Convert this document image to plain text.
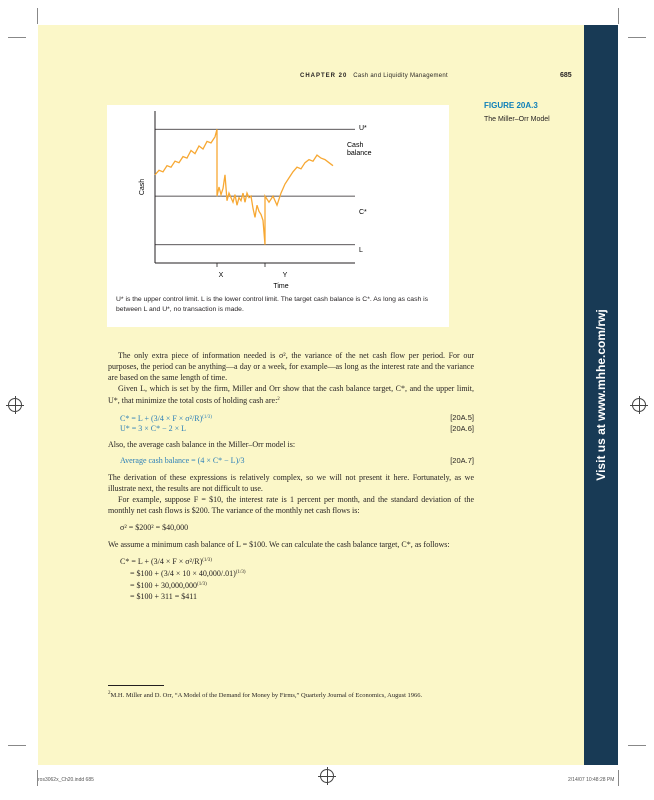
Visit us at www.mhhe.com/rwj
CHAPTER 20 Cash and Liquidity Management	685
FIGURE 20A.3
The Miller–Orr Model
Cash
Time
U*
Cash
balance
C*
L
X	Y
U* is the upper control limit. L is the lower control limit. The target cash balance is C*. As long as cash is between L and U*, no transaction is made.

The only extra piece of information needed is σ², the variance of the net cash flow per period. For our purposes, the period can be anything—a day or a week, for example—as long as the interest rate and the variance are based on the same length of time.

Given L, which is set by the firm, Miller and Orr show that the cash balance target, C*, and the upper limit, U*, that minimize the total costs of holding cash are:$^2$

$C* = L + (3/4 \times F \times \sigma^2/R)^{(1/3)}$	[20A.5]
U* = 3 × C* − 2 × L	[20A.6]

Also, the average cash balance in the Miller–Orr model is:

Average cash balance = (4 × C* − L)/3	[20A.7]

The derivation of these expressions is relatively complex, so we will not present it here. Fortunately, as we illustrate next, the results are not difficult to use.

For example, suppose F = $10, the interest rate is 1 percent per month, and the standard deviation of the monthly net cash flows is $200. The variance of the monthly net cash flows is:

σ² = $200² = $40,000

We assume a minimum cash balance of L = $100. We can calculate the cash balance target, C*, as follows:

$C* = L + (3/4 \times F \times \sigma^2/R)^{(1/3)}$
= $100 + $(3/4 \times 10 \times 40,000/.01)^{(1/3)}$
= $100 + $30,000,000^{(1/3)}$
= $100 + 311 = $411
$^2$M.H. Miller and D. Orr, “A Model of the Demand for Money by Firms,” Quarterly Journal of Economics, August 1966.
ros3062x_Ch20.indd 685	2/14/07 10:48:28 PM
